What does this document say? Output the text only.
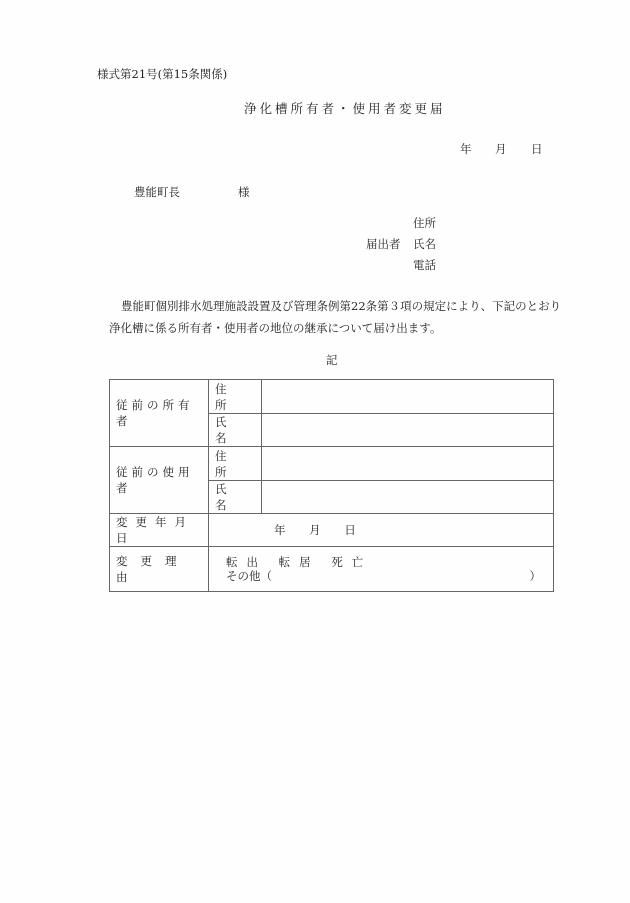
様式第21号(第15条関係)
浄化槽所有者・使用者変更届
年 月 日
豊能町長	様
住所
届出者 氏名
電話
豊能町個別排水処理施設設置及び管理条例第22条第３項の規定により、下記のとおり
浄化槽に係る所有者・使用者の地位の継承について届け出ます。
記
従前の所有者	住　所	
	氏　名	
従前の使用者	住　所	
	氏　名	
変更年月日	年 月 日	
変更理由	転出 転居 死亡
その他（ ）	
